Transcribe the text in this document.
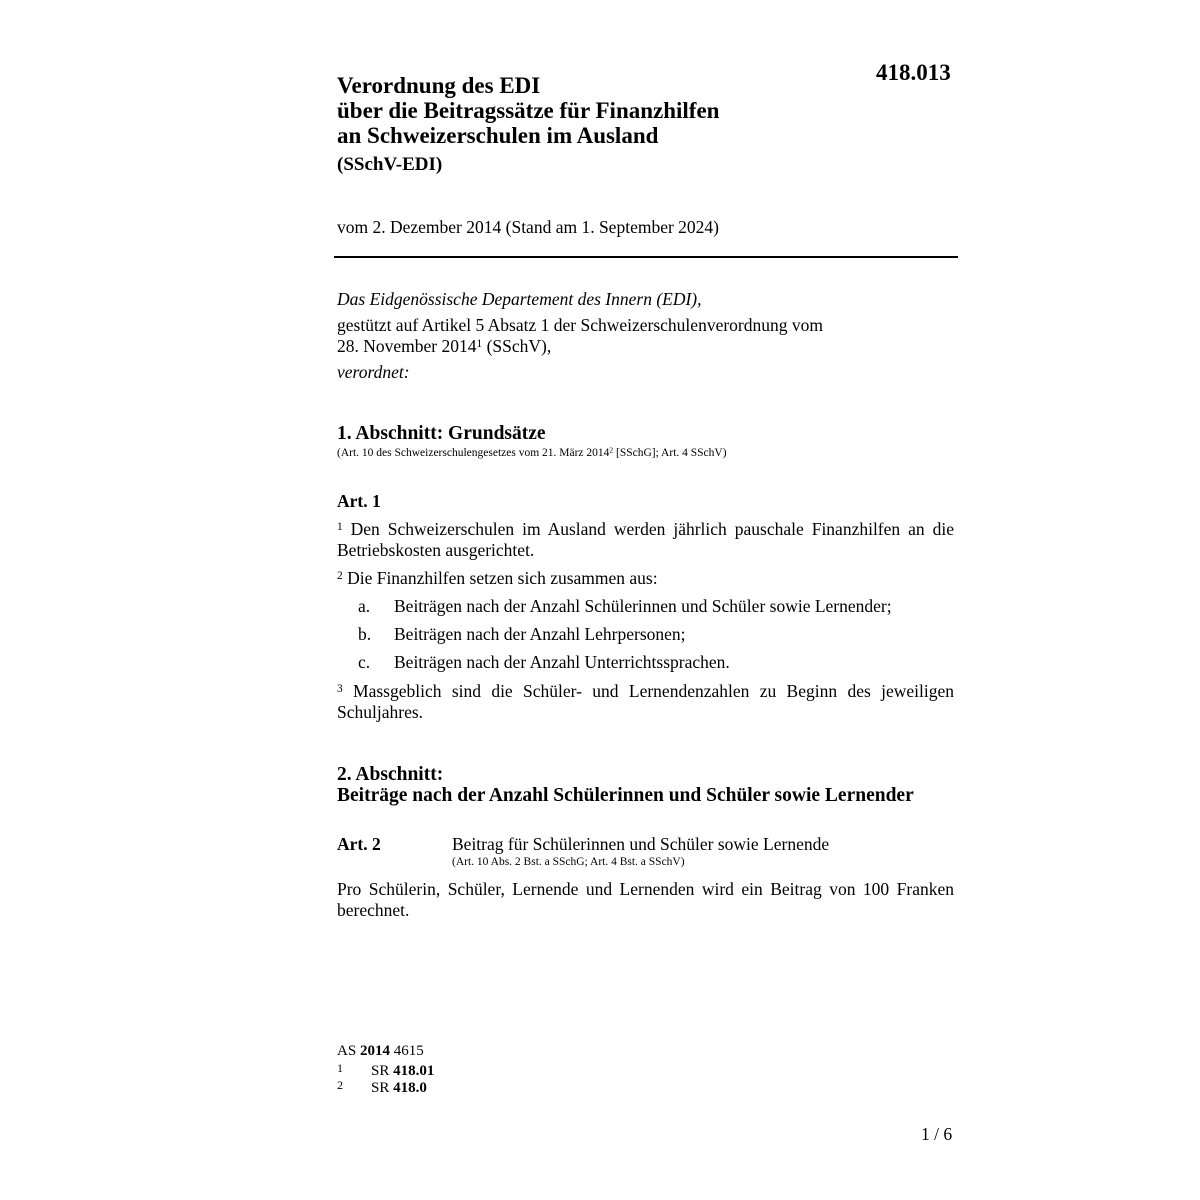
418.013
Verordnung des EDI
über die Beitragssätze für Finanzhilfen
an Schweizerschulen im Ausland
(SSchV-EDI)
vom 2. Dezember 2014 (Stand am 1. September 2024)
Das Eidgenössische Departement des Innern (EDI),
gestützt auf Artikel 5 Absatz 1 der Schweizerschulenverordnung vom
28. November 2014$^1$ (SSchV),
verordnet:
1. Abschnitt: Grundsätze
(Art. 10 des Schweizerschulengesetzes vom 21. März 2014$^2$ [SSchG]; Art. 4 SSchV)
Art. 1
$^1$ Den Schweizerschulen im Ausland werden jährlich pauschale Finanzhilfen an die Betriebskosten ausgerichtet.
$^2$ Die Finanzhilfen setzen sich zusammen aus:
a. Beiträgen nach der Anzahl Schülerinnen und Schüler sowie Lernender;
b. Beiträgen nach der Anzahl Lehrpersonen;
c. Beiträgen nach der Anzahl Unterrichtssprachen.
$^3$ Massgeblich sind die Schüler- und Lernendenzahlen zu Beginn des jeweiligen Schuljahres.
2. Abschnitt:
Beiträge nach der Anzahl Schülerinnen und Schüler sowie Lernender
Art. 2	Beitrag für Schülerinnen und Schüler sowie Lernende
(Art. 10 Abs. 2 Bst. a SSchG; Art. 4 Bst. a SSchV)
Pro Schülerin, Schüler, Lernende und Lernenden wird ein Beitrag von 100 Franken berechnet.
AS 2014 4615
1 SR 418.01
2 SR 418.0
1 / 6
